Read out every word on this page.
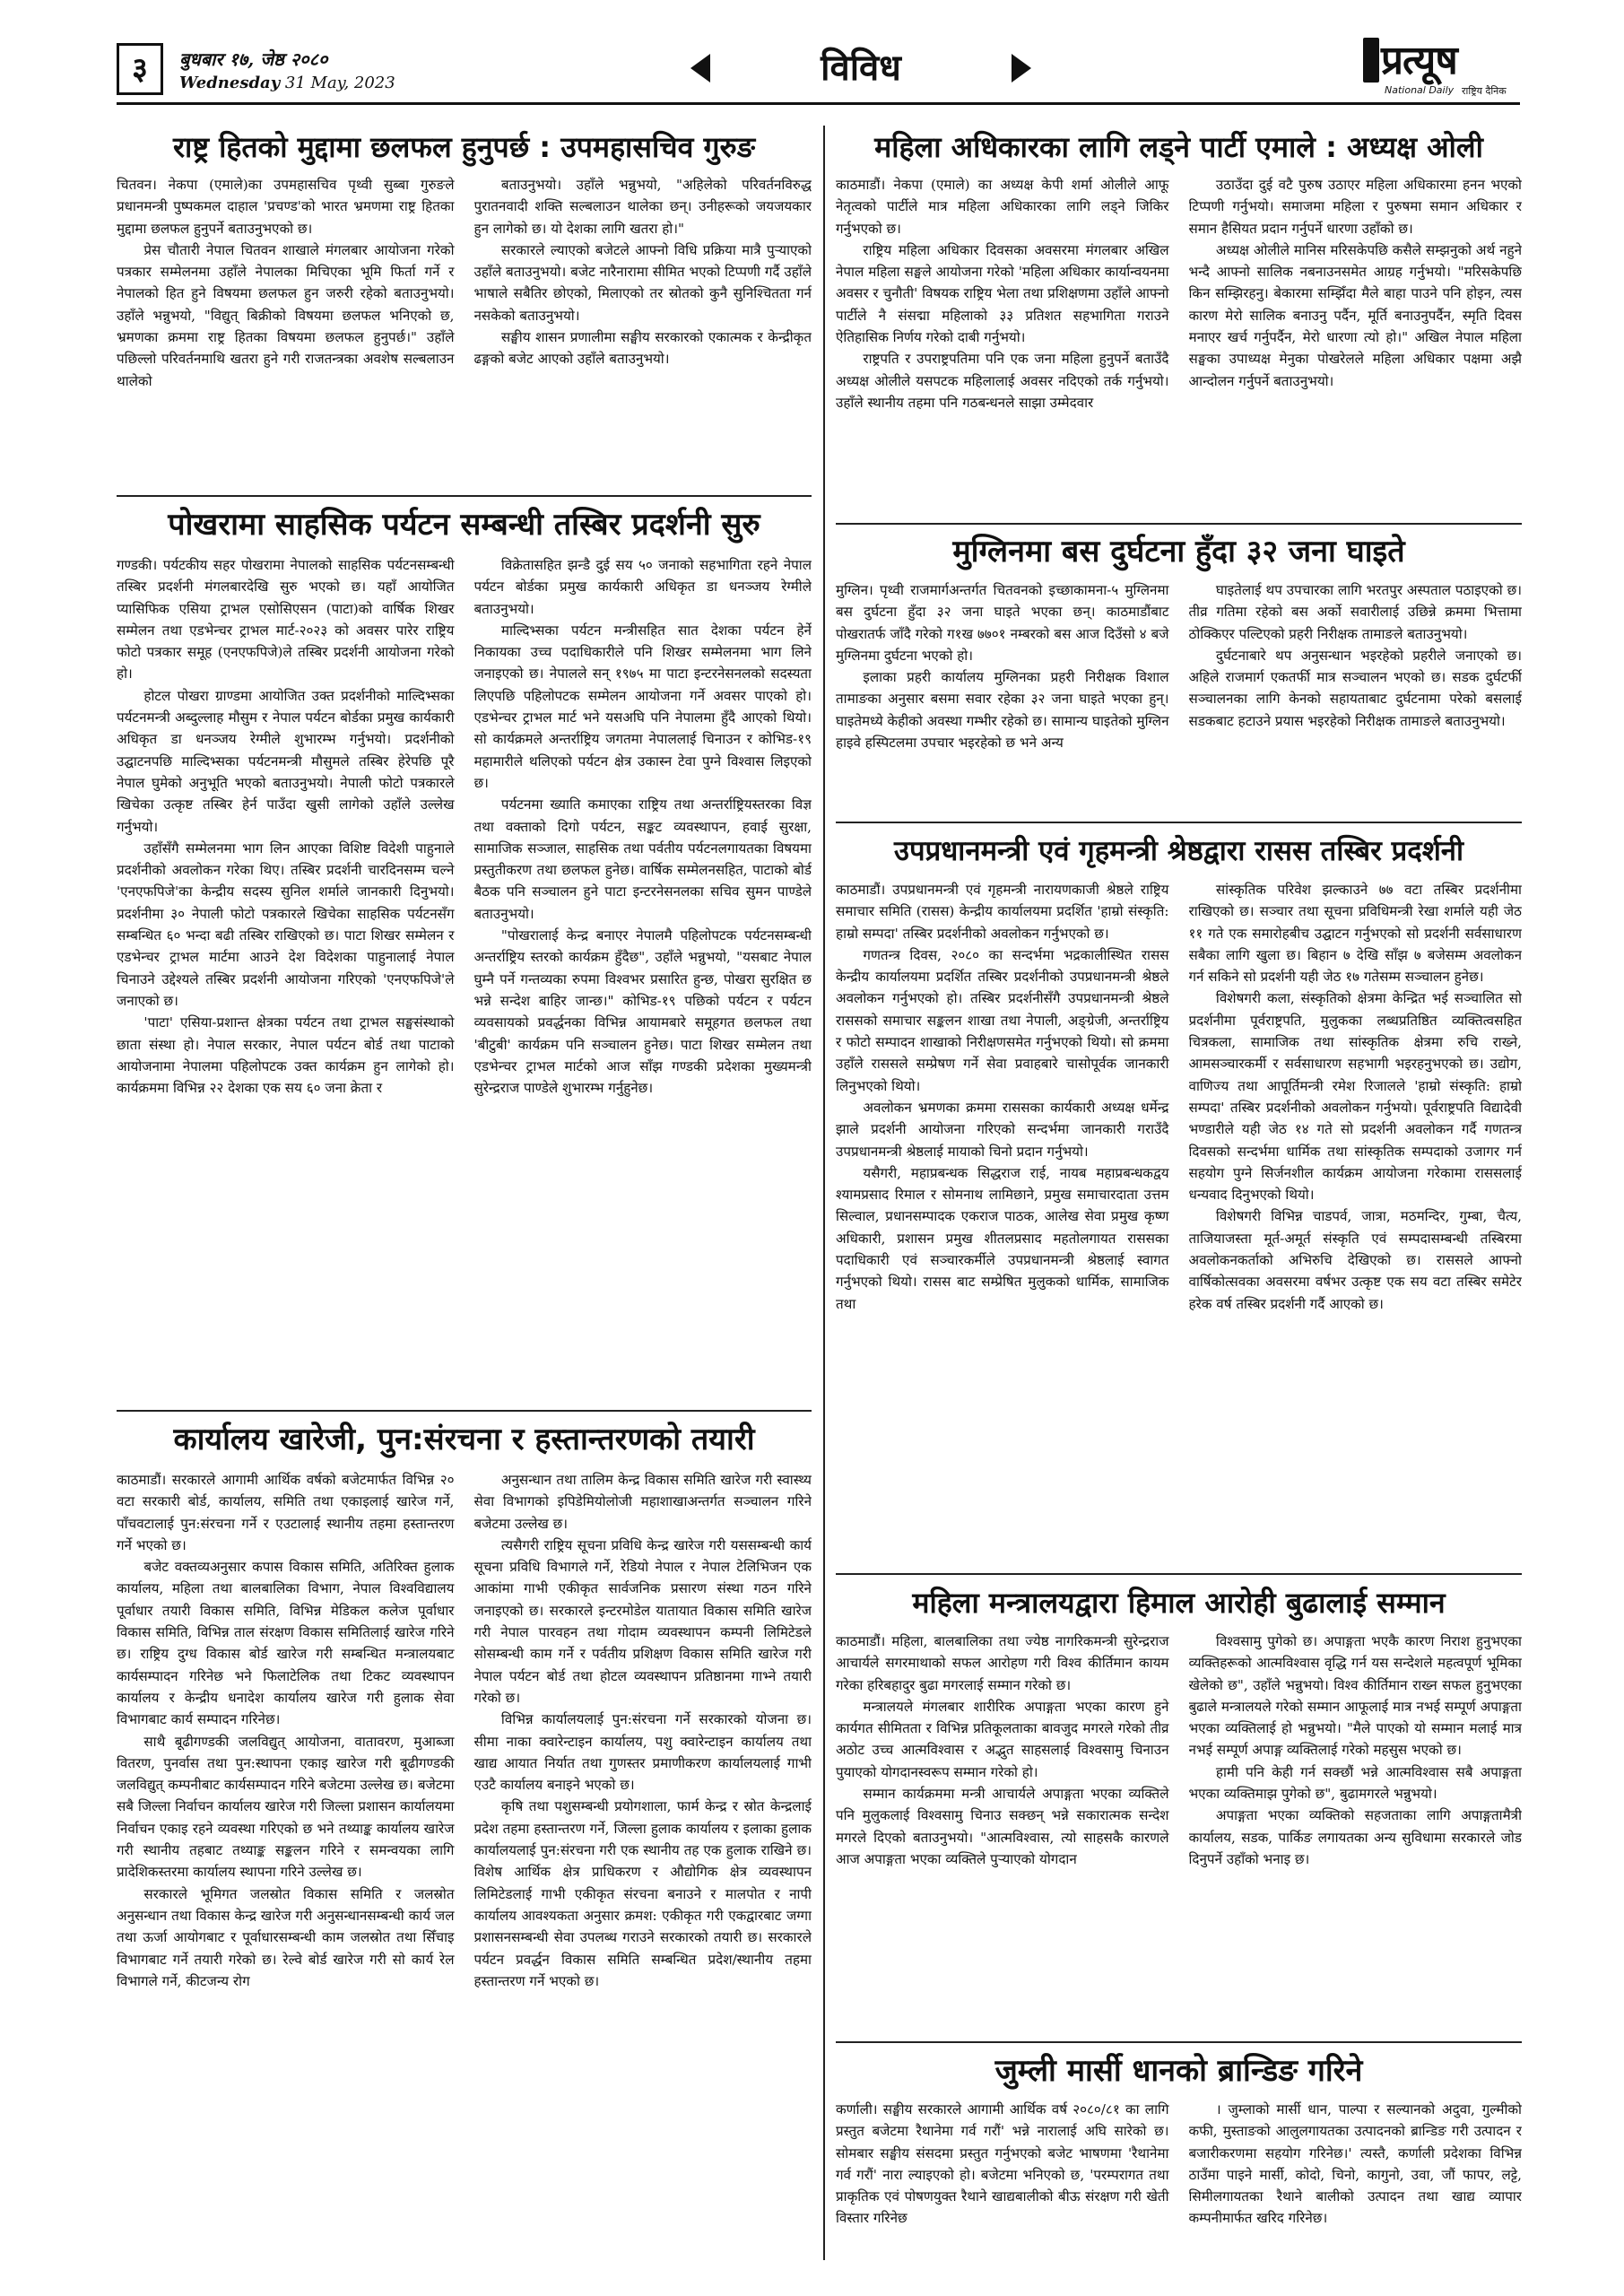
३	बुधबार १७, जेष्ठ २०८०
Wednesday 31 May, 2023	विविध	प्रत्यूष
National Daily राष्ट्रिय दैनिक
राष्ट्र हितको मुद्दामा छलफल हुनुपर्छ : उपमहासचिव गुरुङ

चितवन। नेकपा (एमाले)का उपमहासचिव पृथ्वी सुब्बा गुरुङले प्रधानमन्त्री पुष्पकमल दाहाल 'प्रचण्ड'को भारत भ्रमणमा राष्ट्र हितका मुद्दामा छलफल हुनुपर्ने बताउनुभएको छ।

प्रेस चौतारी नेपाल चितवन शाखाले मंगलबार आयोजना गरेको पत्रकार सम्मेलनमा उहाँले नेपालका मिचिएका भूमि फिर्ता गर्ने र नेपालको हित हुने विषयमा छलफल हुन जरुरी रहेको बताउनुभयो। उहाँले भन्नुभयो, "विद्युत् बिक्रीको विषयमा छलफल भनिएको छ, भ्रमणका क्रममा राष्ट्र हितका विषयमा छलफल हुनुपर्छ।" उहाँले पछिल्लो परिवर्तनमाथि खतरा हुने गरी राजतन्त्रका अवशेष सल्बलाउन थालेको

बताउनुभयो। उहाँले भन्नुभयो, "अहिलेको परिवर्तनविरुद्ध पुरातनवादी शक्ति सल्बलाउन थालेका छन्। उनीहरूको जयजयकार हुन लागेको छ। यो देशका लागि खतरा हो।"

सरकारले ल्याएको बजेटले आफ्नो विधि प्रक्रिया मात्रै पुर्‍याएको उहाँले बताउनुभयो। बजेट नारैनारामा सीमित भएको टिप्पणी गर्दै उहाँले भाषाले सबैतिर छोएको, मिलाएको तर स्रोतको कुनै सुनिश्चितता गर्न नसकेको बताउनुभयो।

सङ्घीय शासन प्रणालीमा सङ्घीय सरकारको एकात्मक र केन्द्रीकृत ढङ्गको बजेट आएको उहाँले बताउनुभयो।

महिला अधिकारका लागि लड्ने पार्टी एमाले : अध्यक्ष ओली

काठमाडौं। नेकपा (एमाले) का अध्यक्ष केपी शर्मा ओलीले आफू नेतृत्वको पार्टीले मात्र महिला अधिकारका लागि लड्ने जिकिर गर्नुभएको छ।

राष्ट्रिय महिला अधिकार दिवसका अवसरमा मंगलबार अखिल नेपाल महिला सङ्घले आयोजना गरेको 'महिला अधिकार कार्यान्वयनमा अवसर र चुनौती' विषयक राष्ट्रिय भेला तथा प्रशिक्षणमा उहाँले आफ्नो पार्टीले नै संसद्मा महिलाको ३३ प्रतिशत सहभागिता गराउने ऐतिहासिक निर्णय गरेको दाबी गर्नुभयो।

राष्ट्रपति र उपराष्ट्रपतिमा पनि एक जना महिला हुनुपर्ने बताउँदै अध्यक्ष ओलीले यसपटक महिलालाई अवसर नदिएको तर्क गर्नुभयो। उहाँले स्थानीय तहमा पनि गठबन्धनले साझा उम्मेदवार

उठाउँदा दुई वटै पुरुष उठाएर महिला अधिकारमा हनन भएको टिप्पणी गर्नुभयो। समाजमा महिला र पुरुषमा समान अधिकार र समान हैसियत प्रदान गर्नुपर्ने धारणा उहाँको छ।

अध्यक्ष ओलीले मानिस मरिसकेपछि कसैले सम्झनुको अर्थ नहुने भन्दै आफ्नो सालिक नबनाउनसमेत आग्रह गर्नुभयो। "मरिसकेपछि किन सम्झिरहनु। बेकारमा सम्झिँदा मैले बाहा पाउने पनि होइन, त्यस कारण मेरो सालिक बनाउनु पर्दैन, मूर्ति बनाउनुपर्दैन, स्मृति दिवस मनाएर खर्च गर्नुपर्दैन, मेरो धारणा त्यो हो।" अखिल नेपाल महिला सङ्घका उपाध्यक्ष मेनुका पोखरेलले महिला अधिकार पक्षमा अझै आन्दोलन गर्नुपर्ने बताउनुभयो।

पोखरामा साहसिक पर्यटन सम्बन्धी तस्बिर प्रदर्शनी सुरु

गण्डकी। पर्यटकीय सहर पोखरामा नेपालको साहसिक पर्यटनसम्बन्धी तस्बिर प्रदर्शनी मंगलबारदेखि सुरु भएको छ। यहाँ आयोजित प्यासिफिक एसिया ट्राभल एसोसिएसन (पाटा)को वार्षिक शिखर सम्मेलन तथा एडभेन्चर ट्राभल मार्ट-२०२३ को अवसर पारेर राष्ट्रिय फोटो पत्रकार समूह (एनएफपिजे)ले तस्बिर प्रदर्शनी आयोजना गरेको हो।

होटल पोखरा ग्राण्डमा आयोजित उक्त प्रदर्शनीको माल्दिभ्सका पर्यटनमन्त्री अब्दुल्लाह मौसुम र नेपाल पर्यटन बोर्डका प्रमुख कार्यकारी अधिकृत डा धनञ्जय रेग्मीले शुभारम्भ गर्नुभयो। प्रदर्शनीको उद्घाटनपछि माल्दिभ्सका पर्यटनमन्त्री मौसुमले तस्बिर हेरेपछि पूरै नेपाल घुमेको अनुभूति भएको बताउनुभयो। नेपाली फोटो पत्रकारले खिचेका उत्कृष्ट तस्बिर हेर्न पाउँदा खुसी लागेको उहाँले उल्लेख गर्नुभयो।

उहाँसँगै सम्मेलनमा भाग लिन आएका विशिष्ट विदेशी पाहुनाले प्रदर्शनीको अवलोकन गरेका थिए। तस्बिर प्रदर्शनी चारदिनसम्म चल्ने 'एनएफपिजे'का केन्द्रीय सदस्य सुनिल शर्माले जानकारी दिनुभयो। प्रदर्शनीमा ३० नेपाली फोटो पत्रकारले खिचेका साहसिक पर्यटनसँग सम्बन्धित ६० भन्दा बढी तस्बिर राखिएको छ। पाटा शिखर सम्मेलन र एडभेन्चर ट्राभल मार्टमा आउने देश विदेशका पाहुनालाई नेपाल चिनाउने उद्देश्यले तस्बिर प्रदर्शनी आयोजना गरिएको 'एनएफपिजे'ले जनाएको छ।

'पाटा' एसिया-प्रशान्त क्षेत्रका पर्यटन तथा ट्राभल सङ्घसंस्थाको छाता संस्था हो। नेपाल सरकार, नेपाल पर्यटन बोर्ड तथा पाटाको आयोजनामा नेपालमा पहिलोपटक उक्त कार्यक्रम हुन लागेको हो। कार्यक्रममा विभिन्न २२ देशका एक सय ६० जना क्रेता र

विक्रेतासहित झन्डै दुई सय ५० जनाको सहभागिता रहने नेपाल पर्यटन बोर्डका प्रमुख कार्यकारी अधिकृत डा धनञ्जय रेग्मीले बताउनुभयो।

माल्दिभ्सका पर्यटन मन्त्रीसहित सात देशका पर्यटन हेर्ने निकायका उच्च पदाधिकारीले पनि शिखर सम्मेलनमा भाग लिने जनाइएको छ। नेपालले सन् १९७५ मा पाटा इन्टरनेसनलको सदस्यता लिएपछि पहिलोपटक सम्मेलन आयोजना गर्ने अवसर पाएको हो। एडभेन्चर ट्राभल मार्ट भने यसअघि पनि नेपालमा हुँदै आएको थियो। सो कार्यक्रमले अन्तर्राष्ट्रिय जगतमा नेपाललाई चिनाउन र कोभिड-१९ महामारीले थलिएको पर्यटन क्षेत्र उकास्न टेवा पुग्ने विश्वास लिइएको छ।

पर्यटनमा ख्याति कमाएका राष्ट्रिय तथा अन्तर्राष्ट्रियस्तरका विज्ञ तथा वक्ताको दिगो पर्यटन, सङ्कट व्यवस्थापन, हवाई सुरक्षा, सामाजिक सञ्जाल, साहसिक तथा पर्वतीय पर्यटनलगायतका विषयमा प्रस्तुतीकरण तथा छलफल हुनेछ। वार्षिक सम्मेलनसहित, पाटाको बोर्ड बैठक पनि सञ्चालन हुने पाटा इन्टरनेसनलका सचिव सुमन पाण्डेले बताउनुभयो।

"पोखरालाई केन्द्र बनाएर नेपालमै पहिलोपटक पर्यटनसम्बन्धी अन्तर्राष्ट्रिय स्तरको कार्यक्रम हुँदैछ", उहाँले भन्नुभयो, "यसबाट नेपाल घुम्नै पर्ने गन्तव्यका रुपमा विश्वभर प्रसारित हुन्छ, पोखरा सुरक्षित छ भन्ने सन्देश बाहिर जान्छ।" कोभिड-१९ पछिको पर्यटन र पर्यटन व्यवसायको प्रवर्द्धनका विभिन्न आयामबारे समूहगत छलफल तथा 'बीटुबी' कार्यक्रम पनि सञ्चालन हुनेछ। पाटा शिखर सम्मेलन तथा एडभेन्चर ट्राभल मार्टको आज साँझ गण्डकी प्रदेशका मुख्यमन्त्री सुरेन्द्रराज पाण्डेले शुभारम्भ गर्नुहुनेछ।

मुग्लिनमा बस दुर्घटना हुँदा ३२ जना घाइते

मुग्लिन। पृथ्वी राजमार्गअन्तर्गत चितवनको इच्छाकामना-५ मुग्लिनमा बस दुर्घटना हुँदा ३२ जना घाइते भएका छन्। काठमाडौंबाट पोखरातर्फ जाँदै गरेको ग१ख ७७०१ नम्बरको बस आज दिउँसो ४ बजे मुग्लिनमा दुर्घटना भएको हो।

इलाका प्रहरी कार्यालय मुग्लिनका प्रहरी निरीक्षक विशाल तामाङका अनुसार बसमा सवार रहेका ३२ जना घाइते भएका हुन्। घाइतेमध्ये केहीको अवस्था गम्भीर रहेको छ। सामान्य घाइतेको मुग्लिन हाइवे हस्पिटलमा उपचार भइरहेको छ भने अन्य

घाइतेलाई थप उपचारका लागि भरतपुर अस्पताल पठाइएको छ। तीव्र गतिमा रहेको बस अर्को सवारीलाई उछिन्ने क्रममा भित्तामा ठोक्किएर पल्टिएको प्रहरी निरीक्षक तामाङले बताउनुभयो।

दुर्घटनाबारे थप अनुसन्धान भइरहेको प्रहरीले जनाएको छ। अहिले राजमार्ग एकतर्फी मात्र सञ्चालन भएको छ। सडक दुर्घटर्फी सञ्चालनका लागि केनको सहायताबाट दुर्घटनामा परेको बसलाई सडकबाट हटाउने प्रयास भइरहेको निरीक्षक तामाङले बताउनुभयो।

उपप्रधानमन्त्री एवं गृहमन्त्री श्रेष्ठद्वारा रासस तस्बिर प्रदर्शनी

काठमाडौं। उपप्रधानमन्त्री एवं गृहमन्त्री नारायणकाजी श्रेष्ठले राष्ट्रिय समाचार समिति (रासस) केन्द्रीय कार्यालयमा प्रदर्शित 'हाम्रो संस्कृति: हाम्रो सम्पदा' तस्बिर प्रदर्शनीको अवलोकन गर्नुभएको छ।

गणतन्त्र दिवस, २०८० का सन्दर्भमा भद्रकालीस्थित रासस केन्द्रीय कार्यालयमा प्रदर्शित तस्बिर प्रदर्शनीको उपप्रधानमन्त्री श्रेष्ठले अवलोकन गर्नुभएको हो। तस्बिर प्रदर्शनीसँगै उपप्रधानमन्त्री श्रेष्ठले राससको समाचार सङ्कलन शाखा तथा नेपाली, अङ्ग्रेजी, अन्तर्राष्ट्रिय र फोटो सम्पादन शाखाको निरीक्षणसमेत गर्नुभएको थियो। सो क्रममा उहाँले राससले सम्प्रेषण गर्ने सेवा प्रवाहबारे चासोपूर्वक जानकारी लिनुभएको थियो।

अवलोकन भ्रमणका क्रममा राससका कार्यकारी अध्यक्ष धर्मेन्द्र झाले प्रदर्शनी आयोजना गरिएको सन्दर्भमा जानकारी गराउँदै उपप्रधानमन्त्री श्रेष्ठलाई मायाको चिनो प्रदान गर्नुभयो।

यसैगरी, महाप्रबन्धक सिद्धराज राई, नायब महाप्रबन्धकद्वय श्यामप्रसाद रिमाल र सोमनाथ लामिछाने, प्रमुख समाचारदाता उत्तम सिल्वाल, प्रधानसम्पादक एकराज पाठक, आलेख सेवा प्रमुख कृष्ण अधिकारी, प्रशासन प्रमुख शीतलप्रसाद महतोलगायत राससका पदाधिकारी एवं सञ्चारकर्मीले उपप्रधानमन्त्री श्रेष्ठलाई स्वागत गर्नुभएको थियो। रासस बाट सम्प्रेषित मुलुकको धार्मिक, सामाजिक तथा

सांस्कृतिक परिवेश झल्काउने ७७ वटा तस्बिर प्रदर्शनीमा राखिएको छ। सञ्चार तथा सूचना प्रविधिमन्त्री रेखा शर्माले यही जेठ ११ गते एक समारोहबीच उद्घाटन गर्नुभएको सो प्रदर्शनी सर्वसाधारण सबैका लागि खुला छ। बिहान ७ देखि साँझ ७ बजेसम्म अवलोकन गर्न सकिने सो प्रदर्शनी यही जेठ १७ गतेसम्म सञ्चालन हुनेछ।

विशेषगरी कला, संस्कृतिको क्षेत्रमा केन्द्रित भई सञ्चालित सो प्रदर्शनीमा पूर्वराष्ट्रपति, मुलुकका लब्धप्रतिष्ठित व्यक्तित्वसहित चित्रकला, सामाजिक तथा सांस्कृतिक क्षेत्रमा रुचि राख्ने, आमसञ्चारकर्मी र सर्वसाधारण सहभागी भइरहनुभएको छ। उद्योग, वाणिज्य तथा आपूर्तिमन्त्री रमेश रिजालले 'हाम्रो संस्कृति: हाम्रो सम्पदा' तस्बिर प्रदर्शनीको अवलोकन गर्नुभयो। पूर्वराष्ट्रपति विद्यादेवी भण्डारीले यही जेठ १४ गते सो प्रदर्शनी अवलोकन गर्दै गणतन्त्र दिवसको सन्दर्भमा धार्मिक तथा सांस्कृतिक सम्पदाको उजागर गर्न सहयोग पुग्ने सिर्जनशील कार्यक्रम आयोजना गरेकामा राससलाई धन्यवाद दिनुभएको थियो।

विशेषगरी विभिन्न चाडपर्व, जात्रा, मठमन्दिर, गुम्बा, चैत्य, ताजियाजस्ता मूर्त-अमूर्त संस्कृति एवं सम्पदासम्बन्धी तस्बिरमा अवलोकनकर्ताको अभिरुचि देखिएको छ। राससले आफ्नो वार्षिकोत्सवका अवसरमा वर्षभर उत्कृष्ट एक सय वटा तस्बिर समेटेर हरेक वर्ष तस्बिर प्रदर्शनी गर्दै आएको छ।

कार्यालय खारेजी, पुन:संरचना र हस्तान्तरणको तयारी

काठमाडौं। सरकारले आगामी आर्थिक वर्षको बजेटमार्फत विभिन्न २० वटा सरकारी बोर्ड, कार्यालय, समिति तथा एकाइलाई खारेज गर्ने, पाँचवटालाई पुन:संरचना गर्ने र एउटालाई स्थानीय तहमा हस्तान्तरण गर्ने भएको छ।

बजेट वक्तव्यअनुसार कपास विकास समिति, अतिरिक्त हुलाक कार्यालय, महिला तथा बालबालिका विभाग, नेपाल विश्वविद्यालय पूर्वाधार तयारी विकास समिति, विभिन्न मेडिकल कलेज पूर्वाधार विकास समिति, विभिन्न ताल संरक्षण विकास समितिलाई खारेज गरिने छ। राष्ट्रिय दुग्ध विकास बोर्ड खारेज गरी सम्बन्धित मन्त्रालयबाट कार्यसम्पादन गरिनेछ भने फिलाटेलिक तथा टिकट व्यवस्थापन कार्यालय र केन्द्रीय धनादेश कार्यालय खारेज गरी हुलाक सेवा विभागबाट कार्य सम्पादन गरिनेछ।

साथै बूढीगण्डकी जलविद्युत् आयोजना, वातावरण, मुआब्जा वितरण, पुनर्वास तथा पुन:स्थापना एकाइ खारेज गरी बूढीगण्डकी जलविद्युत् कम्पनीबाट कार्यसम्पादन गरिने बजेटमा उल्लेख छ। बजेटमा सबै जिल्ला निर्वाचन कार्यालय खारेज गरी जिल्ला प्रशासन कार्यालयमा निर्वाचन एकाइ रहने व्यवस्था गरिएको छ भने तथ्याङ्क कार्यालय खारेज गरी स्थानीय तहबाट तथ्याङ्क सङ्कलन गरिने र समन्वयका लागि प्रादेशिकस्तरमा कार्यालय स्थापना गरिने उल्लेख छ।

सरकारले भूमिगत जलस्रोत विकास समिति र जलस्रोत अनुसन्धान तथा विकास केन्द्र खारेज गरी अनुसन्धानसम्बन्धी कार्य जल तथा ऊर्जा आयोगबाट र पूर्वाधारसम्बन्धी काम जलस्रोत तथा सिँचाइ विभागबाट गर्ने तयारी गरेको छ। रेल्वे बोर्ड खारेज गरी सो कार्य रेल विभागले गर्ने, कीटजन्य रोग

अनुसन्धान तथा तालिम केन्द्र विकास समिति खारेज गरी स्वास्थ्य सेवा विभागको इपिडेमियोलोजी महाशाखाअन्तर्गत सञ्चालन गरिने बजेटमा उल्लेख छ।

त्यसैगरी राष्ट्रिय सूचना प्रविधि केन्द्र खारेज गरी यससम्बन्धी कार्य सूचना प्रविधि विभागले गर्ने, रेडियो नेपाल र नेपाल टेलिभिजन एक आकांमा गाभी एकीकृत सार्वजनिक प्रसारण संस्था गठन गरिने जनाइएको छ। सरकारले इन्टरमोडेल यातायात विकास समिति खारेज गरी नेपाल पारवहन तथा गोदाम व्यवस्थापन कम्पनी लिमिटेडले सोसम्बन्धी काम गर्ने र पर्वतीय प्रशिक्षण विकास समिति खारेज गरी नेपाल पर्यटन बोर्ड तथा होटल व्यवस्थापन प्रतिष्ठानमा गाभ्ने तयारी गरेको छ।

विभिन्न कार्यालयलाई पुन:संरचना गर्ने सरकारको योजना छ। सीमा नाका क्वारेन्टाइन कार्यालय, पशु क्वारेन्टाइन कार्यालय तथा खाद्य आयात निर्यात तथा गुणस्तर प्रमाणीकरण कार्यालयलाई गाभी एउटै कार्यालय बनाइने भएको छ।

कृषि तथा पशुसम्बन्धी प्रयोगशाला, फार्म केन्द्र र स्रोत केन्द्रलाई प्रदेश तहमा हस्तान्तरण गर्ने, जिल्ला हुलाक कार्यालय र इलाका हुलाक कार्यालयलाई पुन:संरचना गरी एक स्थानीय तह एक हुलाक राखिने छ। विशेष आर्थिक क्षेत्र प्राधिकरण र औद्योगिक क्षेत्र व्यवस्थापन लिमिटेडलाई गाभी एकीकृत संरचना बनाउने र मालपोत र नापी कार्यालय आवश्यकता अनुसार क्रमश: एकीकृत गरी एकद्वारबाट जग्गा प्रशासनसम्बन्धी सेवा उपलब्ध गराउने सरकारको तयारी छ। सरकारले पर्यटन प्रवर्द्धन विकास समिति सम्बन्धित प्रदेश/स्थानीय तहमा हस्तान्तरण गर्ने भएको छ।

महिला मन्त्रालयद्वारा हिमाल आरोही बुढालाई सम्मान

काठमाडौं। महिला, बालबालिका तथा ज्येष्ठ नागरिकमन्त्री सुरेन्द्रराज आचार्यले सगरमाथाको सफल आरोहण गरी विश्व कीर्तिमान कायम गरेका हरिबहादुर बुढा मगरलाई सम्मान गरेको छ।

मन्त्रालयले मंगलबार शारीरिक अपाङ्गता भएका कारण हुने कार्यगत सीमितता र विभिन्न प्रतिकूलताका बावजुद मगरले गरेको तीव्र अठोट उच्च आत्मविश्वास र अद्भुत साहसलाई विश्वसामु चिनाउन पुयाएको योगदानस्वरूप सम्मान गरेको हो।

सम्मान कार्यक्रममा मन्त्री आचार्यले अपाङ्गता भएका व्यक्तिले पनि मुलुकलाई विश्वसामु चिनाउ सक्छन् भन्ने सकारात्मक सन्देश मगरले दिएको बताउनुभयो। "आत्मविश्वास, त्यो साहसकै कारणले आज अपाङ्गता भएका व्यक्तिले पुऱ्याएको योगदान

विश्वसामु पुगेको छ। अपाङ्गता भएकै कारण निराश हुनुभएका व्यक्तिहरूको आत्मविश्वास वृद्धि गर्न यस सन्देशले महत्वपूर्ण भूमिका खेलेको छ", उहाँले भन्नुभयो। विश्व कीर्तिमान राख्न सफल हुनुभएका बुढाले मन्त्रालयले गरेको सम्मान आफूलाई मात्र नभई सम्पूर्ण अपाङ्गता भएका व्यक्तिलाई हो भन्नुभयो। "मैले पाएको यो सम्मान मलाई मात्र नभई सम्पूर्ण अपाङ्ग व्यक्तिलाई गरेको महसुस भएको छ।

हामी पनि केही गर्न सक्छौं भन्ने आत्मविश्वास सबै अपाङ्गता भएका व्यक्तिमाझ पुगेको छ", बुढामगरले भन्नुभयो।

अपाङ्गता भएका व्यक्तिको सहजताका लागि अपाङ्गतामैत्री कार्यालय, सडक, पार्किङ लगायतका अन्य सुविधामा सरकारले जोड दिनुपर्ने उहाँको भनाइ छ।

जुम्ली मार्सी धानको ब्रान्डिङ गरिने

कर्णाली। सङ्घीय सरकारले आगामी आर्थिक वर्ष २०८०/८१ का लागि प्रस्तुत बजेटमा रैथानेमा गर्व गरौं' भन्ने नारालाई अघि सारेको छ। सोमबार सङ्घीय संसदमा प्रस्तुत गर्नुभएको बजेट भाषणमा 'रैथानेमा गर्व गरौं' नारा ल्याइएको हो। बजेटमा भनिएको छ, 'परम्परागत तथा प्राकृतिक एवं पोषणयुक्त रैथाने खाद्यबालीको बीऊ संरक्षण गरी खेती विस्तार गरिनेछ

। जुम्लाको मार्सी धान, पाल्पा र सल्यानको अदुवा, गुल्मीको कफी, मुस्ताङको आलुलगायतका उत्पादनको ब्रान्डिङ गरी उत्पादन र बजारीकरणमा सहयोग गरिनेछ।' त्यस्तै, कर्णाली प्रदेशका विभिन्न ठाउँमा पाइने मार्सी, कोदो, चिनो, कागुनो, उवा, जौं फापर, लट्टे, सिमीलगायतका रैथाने बालीको उत्पादन तथा खाद्य व्यापार कम्पनीमार्फत खरिद गरिनेछ।
